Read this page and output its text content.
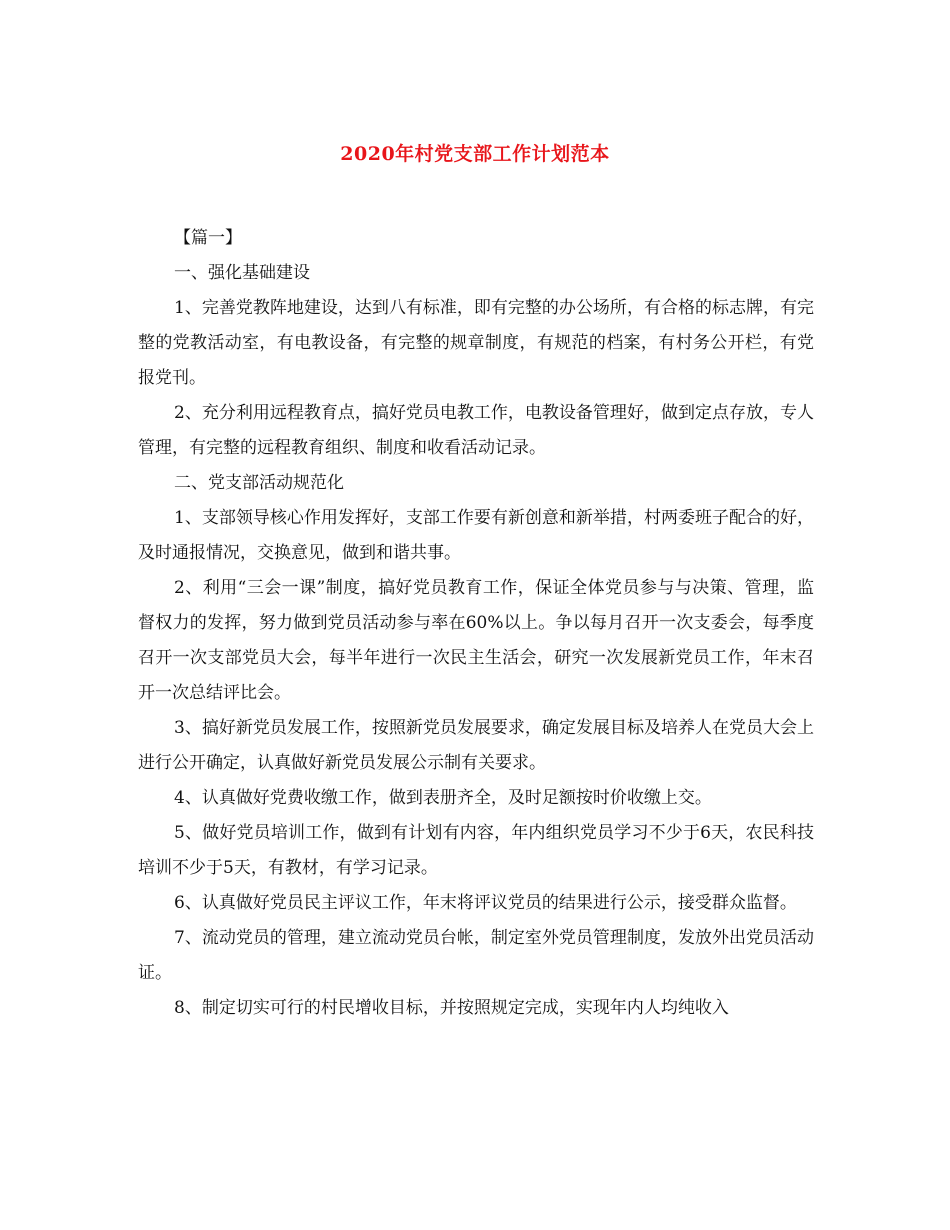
2020年村党支部工作计划范本

【篇一】

一、强化基础建设

1、完善党教阵地建设，达到八有标准，即有完整的办公场所，有合格的标志牌，有完整的党教活动室，有电教设备，有完整的规章制度，有规范的档案，有村务公开栏，有党报党刊。

2、充分利用远程教育点，搞好党员电教工作，电教设备管理好，做到定点存放，专人管理，有完整的远程教育组织、制度和收看活动记录。

二、党支部活动规范化

1、支部领导核心作用发挥好，支部工作要有新创意和新举措，村两委班子配合的好，及时通报情况，交换意见，做到和谐共事。

2、利用“三会一课”制度，搞好党员教育工作，保证全体党员参与与决策、管理，监督权力的发挥，努力做到党员活动参与率在60%以上。争以每月召开一次支委会，每季度召开一次支部党员大会，每半年进行一次民主生活会，研究一次发展新党员工作，年末召开一次总结评比会。

3、搞好新党员发展工作，按照新党员发展要求，确定发展目标及培养人在党员大会上进行公开确定，认真做好新党员发展公示制有关要求。

4、认真做好党费收缴工作，做到表册齐全，及时足额按时价收缴上交。

5、做好党员培训工作，做到有计划有内容，年内组织党员学习不少于6天，农民科技培训不少于5天，有教材，有学习记录。

6、认真做好党员民主评议工作，年末将评议党员的结果进行公示，接受群众监督。

7、流动党员的管理，建立流动党员台帐，制定室外党员管理制度，发放外出党员活动证。

8、制定切实可行的村民增收目标，并按照规定完成，实现年内人均纯收入
